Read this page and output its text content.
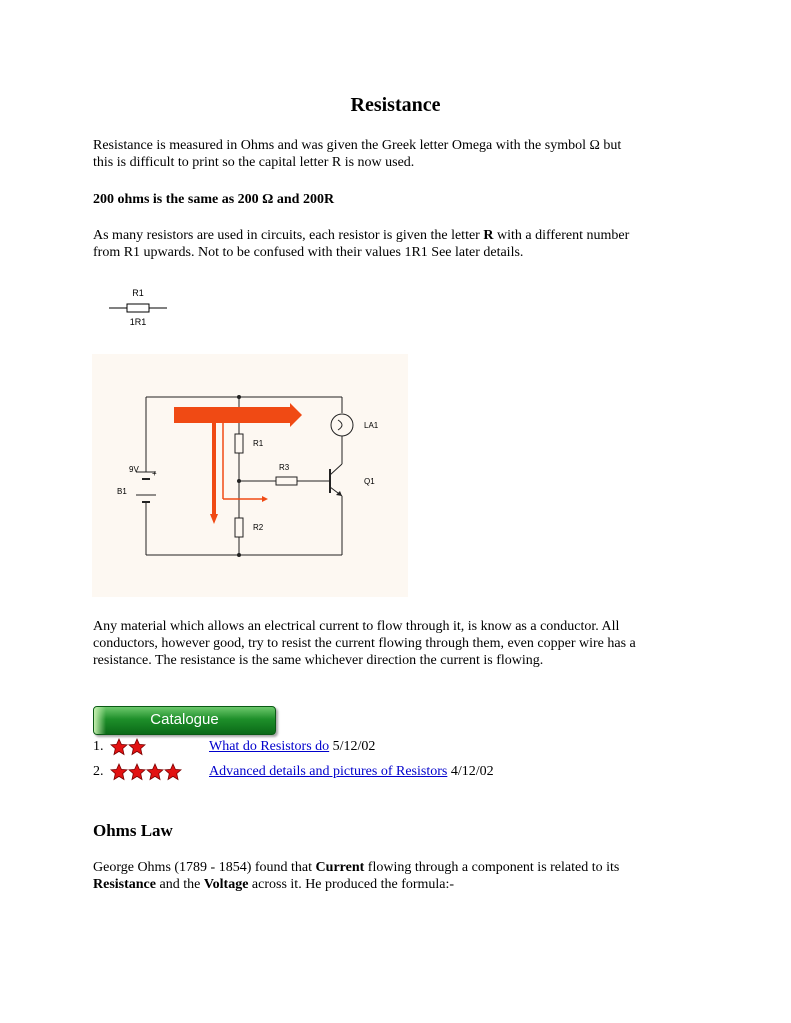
Resistance

Resistance is measured in Ohms and was given the Greek letter Omega with the symbol Ω but

this is difficult to print so the capital letter R is now used.

200 ohms is the same as 200 Ω and 200R

As many resistors are used in circuits, each resistor is given the letter R with a different number

from R1 upwards. Not to be confused with their values 1R1 See later details.

R1
1R1
R1
R2
R3
LA1
Q1
9V +
B1

Any material which allows an electrical current to flow through it, is know as a conductor. All

conductors, however good, try to resist the current flowing through them, even copper wire has a

resistance. The resistance is the same whichever direction the current is flowing.

Catalogue
1.	What do Resistors do 5/12/02
2.	Advanced details and pictures of Resistors 4/12/02
Ohms Law

George Ohms (1789 - 1854) found that Current flowing through a component is related to its

Resistance and the Voltage across it. He produced the formula:-
